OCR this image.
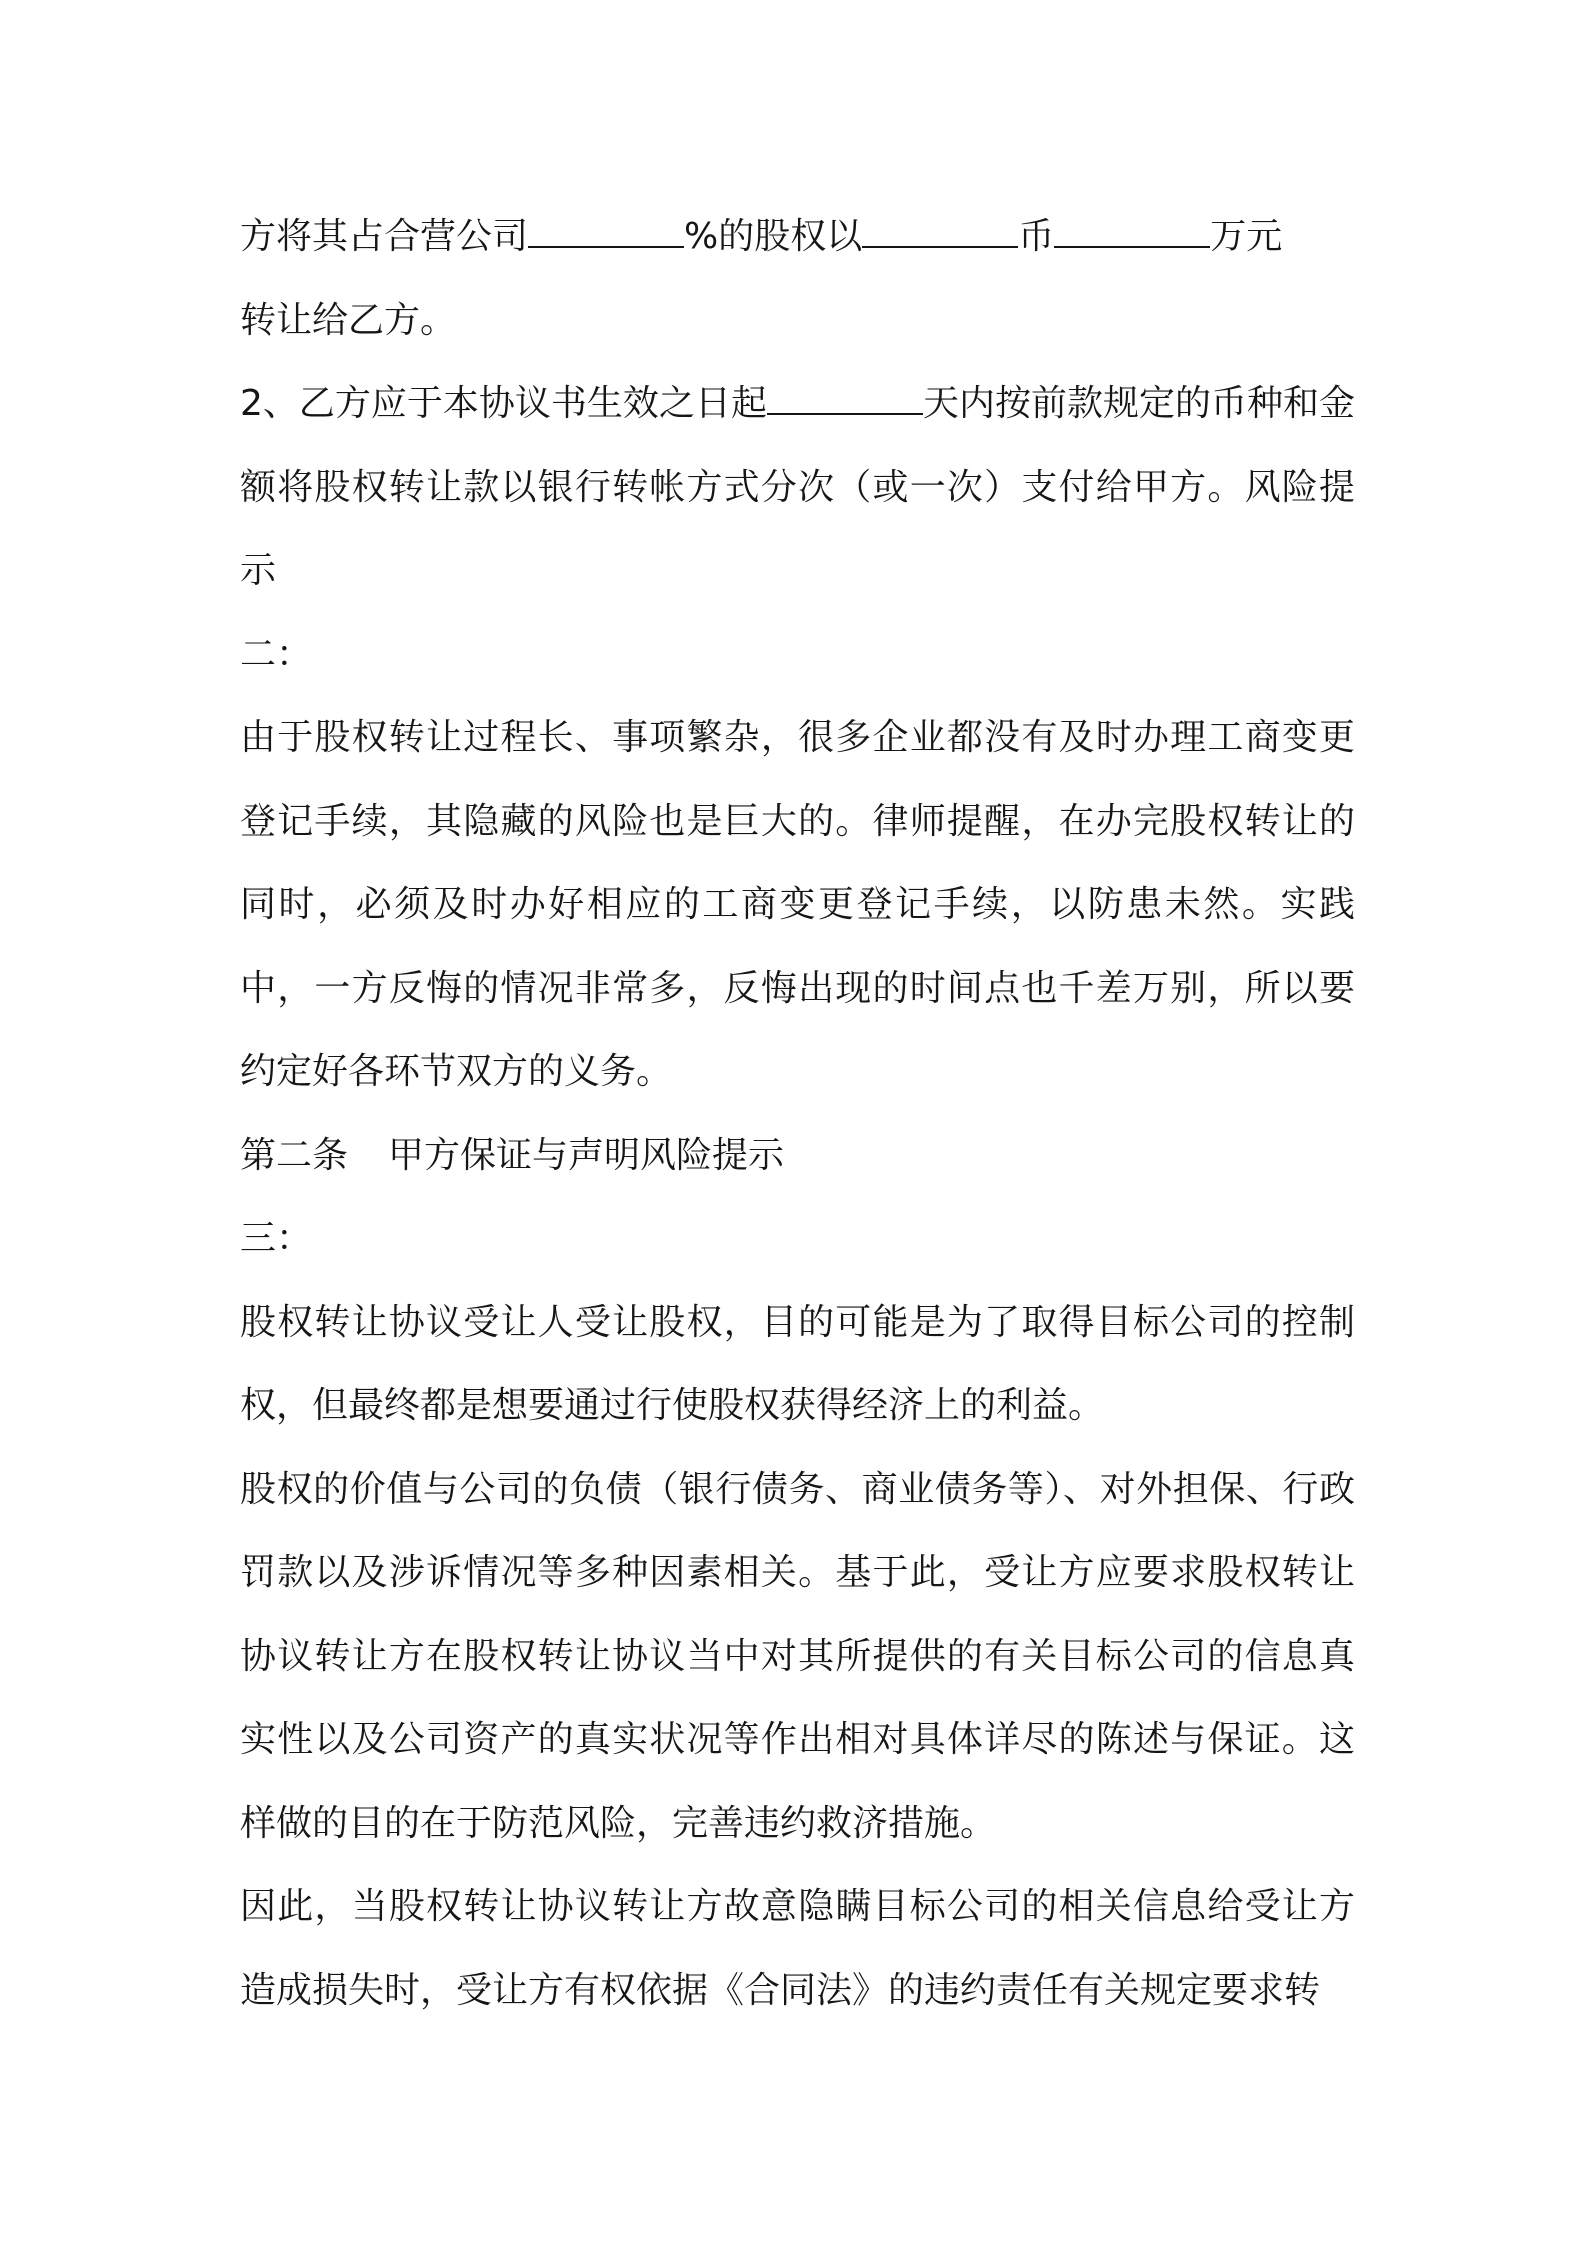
方将其占合营公司	%的股权以	币	万元

转让给乙方。

2、乙方应于本协议书生效之日起	天内按前款规定的币种和金额将股权转让款以银行转帐方式分次（或一次）支付给甲方。风险提示

二：

由于股权转让过程长、事项繁杂，很多企业都没有及时办理工商变更登记手续，其隐藏的风险也是巨大的。律师提醒，在办完股权转让的同时，必须及时办好相应的工商变更登记手续，以防患未然。实践中，一方反悔的情况非常多，反悔出现的时间点也千差万别，所以要约定好各环节双方的义务。

第二条 甲方保证与声明风险提示

三：

股权转让协议受让人受让股权，目的可能是为了取得目标公司的控制权，但最终都是想要通过行使股权获得经济上的利益。

股权的价值与公司的负债（银行债务、商业债务等）、对外担保、行政罚款以及涉诉情况等多种因素相关。基于此，受让方应要求股权转让协议转让方在股权转让协议当中对其所提供的有关目标公司的信息真实性以及公司资产的真实状况等作出相对具体详尽的陈述与保证。这样做的目的在于防范风险，完善违约救济措施。

因此，当股权转让协议转让方故意隐瞒目标公司的相关信息给受让方造成损失时，受让方有权依据《合同法》的违约责任有关规定要求转
